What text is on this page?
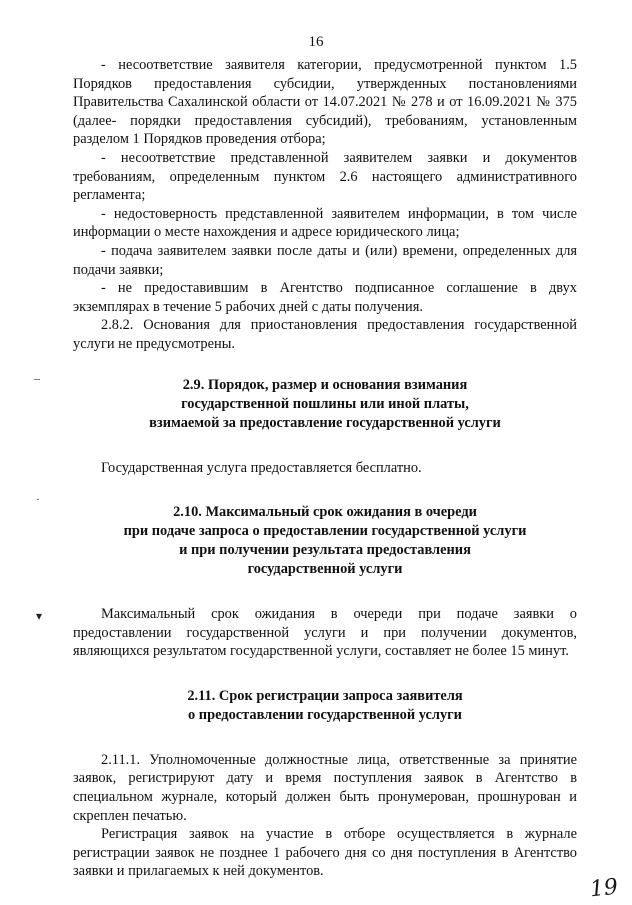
16

- несоответствие заявителя категории, предусмотренной пунктом 1.5 Порядков предоставления субсидии, утвержденных постановлениями Правительства Сахалинской области от 14.07.2021 № 278 и от 16.09.2021 № 375 (далее- порядки предоставления субсидий), требованиям, установленным разделом 1 Порядков проведения отбора;

- несоответствие представленной заявителем заявки и документов требованиям, определенным пунктом 2.6 настоящего административного регламента;

- недостоверность представленной заявителем информации, в том числе информации о месте нахождения и адресе юридического лица;

- подача заявителем заявки после даты и (или) времени, определенных для подачи заявки;

- не предоставившим в Агентство подписанное соглашение в двух экземплярах в течение 5 рабочих дней с даты получения.

2.8.2. Основания для приостановления предоставления государственной услуги не предусмотрены.

2.9. Порядок, размер и основания взимания

государственной пошлины или иной платы,

взимаемой за предоставление государственной услуги

Государственная услуга предоставляется бесплатно.

2.10. Максимальный срок ожидания в очереди

при подаче запроса о предоставлении государственной услуги

и при получении результата предоставления

государственной услуги

Максимальный срок ожидания в очереди при подаче заявки о предоставлении государственной услуги и при получении документов, являющихся результатом государственной услуги, составляет не более 15 минут.

2.11. Срок регистрации запроса заявителя

о предоставлении государственной услуги

2.11.1. Уполномоченные должностные лица, ответственные за принятие заявок, регистрируют дату и время поступления заявок в Агентство в специальном журнале, который должен быть пронумерован, прошнурован и скреплен печатью.

Регистрация заявок на участие в отборе осуществляется в журнале регистрации заявок не позднее 1 рабочего дня со дня поступления в Агентство заявки и прилагаемых к ней документов.

–
·
▾
19
